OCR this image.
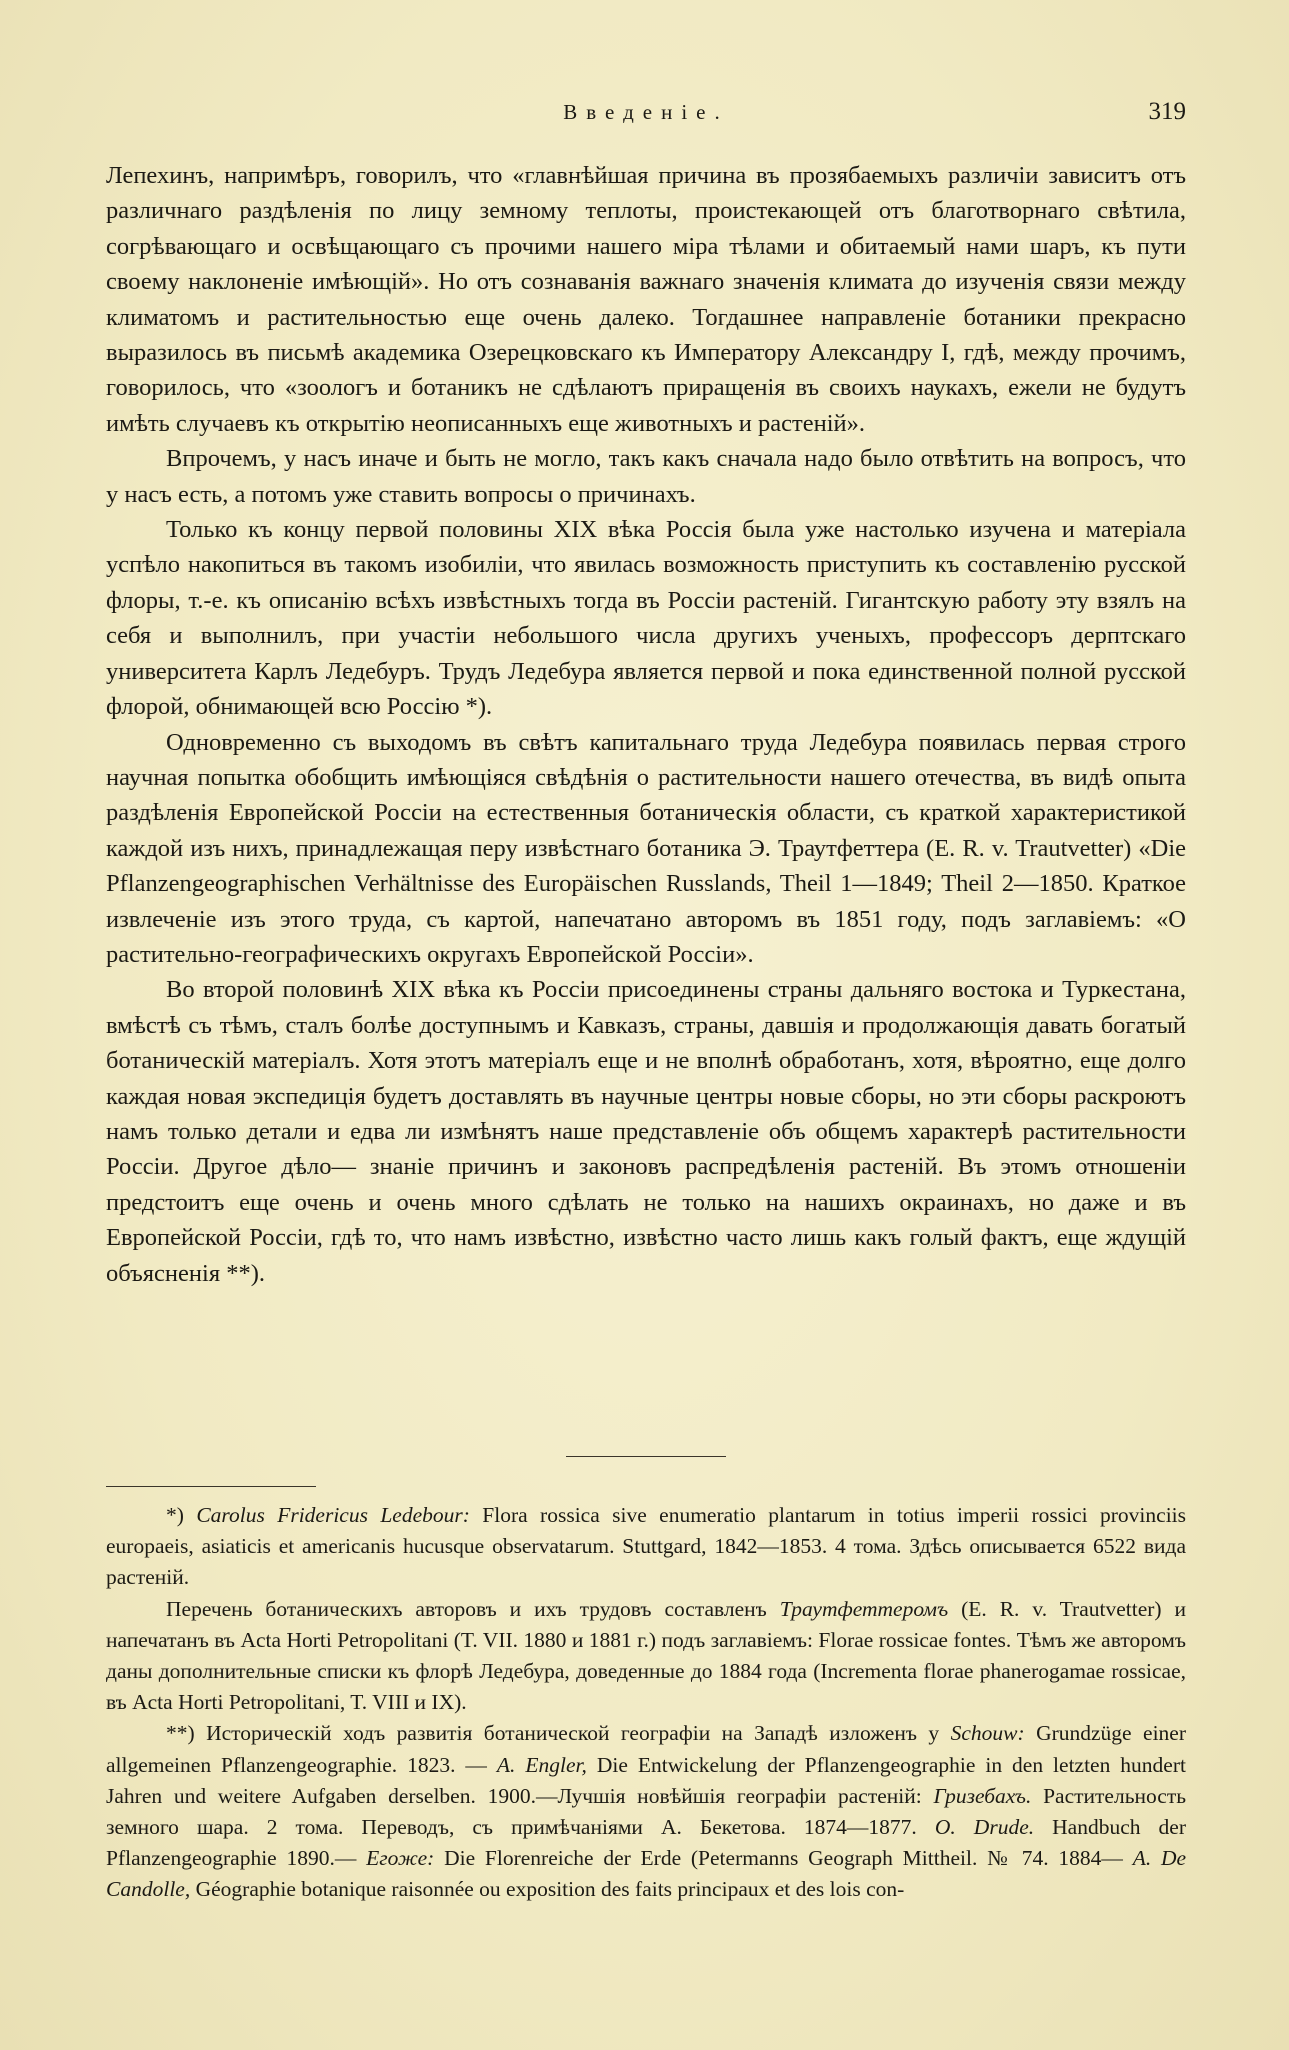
Введеніе.	319

Лепехинъ, напримѣръ, говорилъ, что «главнѣйшая причина въ прозябаемыхъ различіи зависитъ отъ различнаго раздѣленія по лицу земному теплоты, проистекающей отъ благотворнаго свѣтила, согрѣвающаго и освѣщающаго съ прочими нашего міра тѣлами и обитаемый нами шаръ, къ пути своему наклоненіе имѣющій». Но отъ сознаванія важнаго значенія климата до изученія связи между климатомъ и растительностью еще очень далеко. Тогдашнее направленіе ботаники прекрасно выразилось въ письмѣ академика Озерецковскаго къ Императору Александру I, гдѣ, между прочимъ, говорилось, что «зоологъ и ботаникъ не сдѣлаютъ приращенія въ своихъ наукахъ, ежели не будутъ имѣть случаевъ къ открытію неописанныхъ еще животныхъ и растеній».

Впрочемъ, у насъ иначе и быть не могло, такъ какъ сначала надо было отвѣтить на вопросъ, что у насъ есть, а потомъ уже ставить вопросы о причинахъ.

Только къ концу первой половины XIX вѣка Россія была уже настолько изучена и матеріала успѣло накопиться въ такомъ изобиліи, что явилась возможность приступить къ составленію русской флоры, т.-е. къ описанію всѣхъ извѣстныхъ тогда въ Россіи растеній. Гигантскую работу эту взялъ на себя и выполнилъ, при участіи небольшого числа другихъ ученыхъ, профессоръ дерптскаго университета Карлъ Ледебуръ. Трудъ Ледебура является первой и пока единственной полной русской флорой, обнимающей всю Россію *).

Одновременно съ выходомъ въ свѣтъ капитальнаго труда Ледебура появилась первая строго научная попытка обобщить имѣющіяся свѣдѣнія о растительности нашего отечества, въ видѣ опыта раздѣленія Европейской Россіи на естественныя ботаническія области, съ краткой характеристикой каждой изъ нихъ, принадлежащая перу извѣстнаго ботаника Э. Траутфеттера (E. R. v. Trautvetter) «Die Pflanzengeographischen Verhältnisse des Europäischen Russlands, Theil 1—1849; Theil 2—1850. Краткое извлеченіе изъ этого труда, съ картой, напечатано авторомъ въ 1851 году, подъ заглавіемъ: «О растительно-географическихъ округахъ Европейской Россіи».

Во второй половинѣ XIX вѣка къ Россіи присоединены страны дальняго востока и Туркестана, вмѣстѣ съ тѣмъ, сталъ болѣе доступнымъ и Кавказъ, страны, давшія и продолжающія давать богатый ботаническій матеріалъ. Хотя этотъ матеріалъ еще и не вполнѣ обработанъ, хотя, вѣроятно, еще долго каждая новая экспедиція будетъ доставлять въ научные центры новые сборы, но эти сборы раскроютъ намъ только детали и едва ли измѣнятъ наше представленіе объ общемъ характерѣ растительности Россіи. Другое дѣло— знаніе причинъ и законовъ распредѣленія растеній. Въ этомъ отношеніи предстоитъ еще очень и очень много сдѣлать не только на нашихъ окраинахъ, но даже и въ Европейской Россіи, гдѣ то, что намъ извѣстно, извѣстно часто лишь какъ голый фактъ, еще ждущій объясненія **).

*) Carolus Fridericus Ledebour: Flora rossica sive enumeratio plantarum in totius imperii rossici provinciis europaeis, asiaticis et americanis hucusque observatarum. Stuttgard, 1842—1853. 4 тома. Здѣсь описывается 6522 вида растеній.

Перечень ботаническихъ авторовъ и ихъ трудовъ составленъ Траутфеттеромъ (E. R. v. Trautvetter) и напечатанъ въ Acta Horti Petropolitani (T. VII. 1880 и 1881 г.) подъ заглавіемъ: Florae rossicae fontes. Тѣмъ же авторомъ даны дополнительные списки къ флорѣ Ледебура, доведенные до 1884 года (Incrementa florae phanerogamae rossicae, въ Acta Horti Petropolitani, T. VIII и IX).

**) Историческій ходъ развитія ботанической географіи на Западѣ изложенъ у Schouw: Grundzüge einer allgemeinen Pflanzengeographie. 1823. — A. Engler, Die Entwickelung der Pflanzengeographie in den letzten hundert Jahren und weitere Aufgaben derselben. 1900.—Лучшія новѣйшія географіи растеній: Гризебахъ. Растительность земного шара. 2 тома. Переводъ, съ примѣчаніями А. Бекетова. 1874—1877. O. Drude. Handbuch der Pflanzengeographie 1890.— Егоже: Die Florenreiche der Erde (Petermanns Geograph Mittheil. № 74. 1884— A. De Candolle, Géographie botanique raisonnée ou exposition des faits principaux et des lois con-
